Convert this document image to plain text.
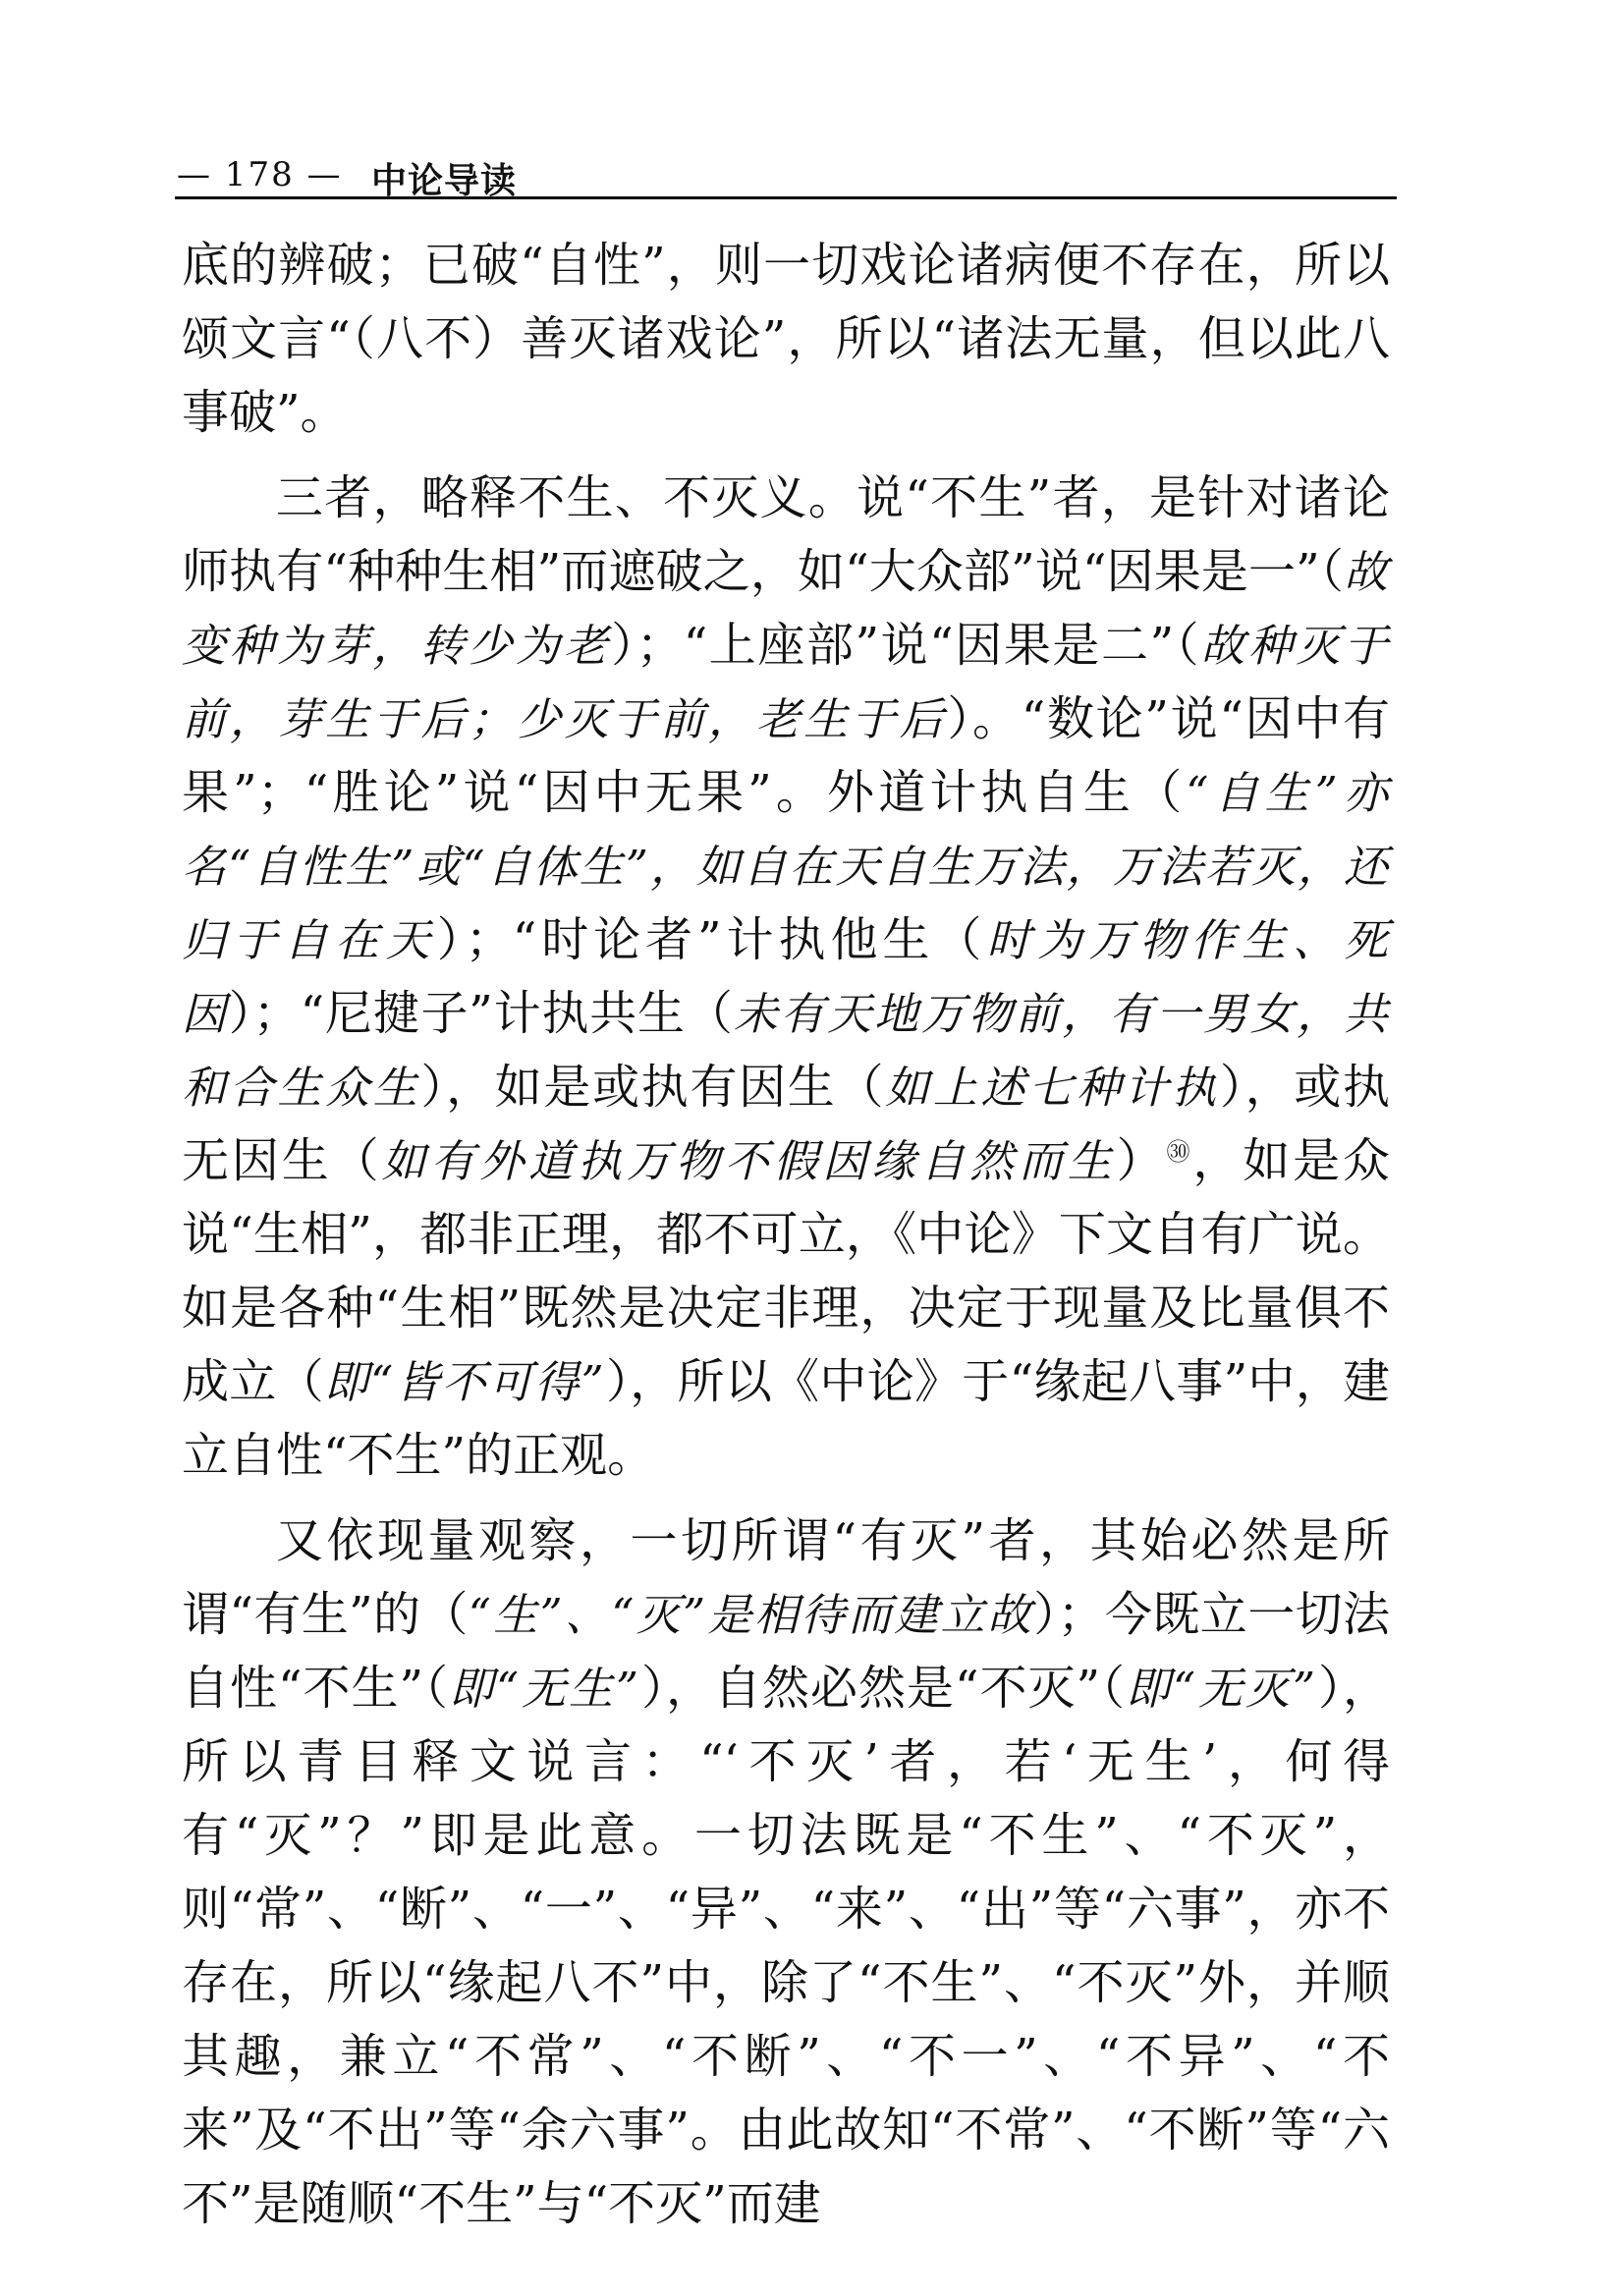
— 178 — 中论导读

底的辨破；已破“自性”，则一切戏论诸病便不存在，所以颂文言“（八不）善灭诸戏论”，所以“诸法无量，但以此八事破”。

三者，略释不生、不灭义。说“不生”者，是针对诸论师执有“种种生相”而遮破之，如“大众部”说“因果是一”（故变种为芽，转少为老）；“上座部”说“因果是二”（故种灭于前，芽生于后；少灭于前，老生于后）。“数论”说“因中有果”；“胜论”说“因中无果”。外道计执自生（“自生”亦名“自性生”或“自体生”，如自在天自生万法，万法若灭，还归于自在天）；“时论者”计执他生（时为万物作生、死因）；“尼揵子”计执共生（未有天地万物前，有一男女，共和合生众生），如是或执有因生（如上述七种计执），或执无因生（如有外道执万物不假因缘自然而生）$^㉚$，如是众说“生相”，都非正理，都不可立，《中论》下文自有广说。如是各种“生相”既然是决定非理，决定于现量及比量俱不成立（即“皆不可得”），所以《中论》于“缘起八事”中，建立自性“不生”的正观。

又依现量观察，一切所谓“有灭”者，其始必然是所谓“有生”的（“生”、“灭”是相待而建立故）；今既立一切法自性“不生”（即“无生”），自然必然是“不灭”（即“无灭”），所以青目释文说言：“‘不灭’者，若‘无生’，何得有“灭”？”即是此意。一切法既是“不生”、“不灭”，则“常”、“断”、“一”、“异”、“来”、“出”等“六事”，亦不存在，所以“缘起八不”中，除了“不生”、“不灭”外，并顺其趣，兼立“不常”、“不断”、“不一”、“不异”、“不来”及“不出”等“余六事”。由此故知“不常”、“不断”等“六不”是随顺“不生”与“不灭”而建
